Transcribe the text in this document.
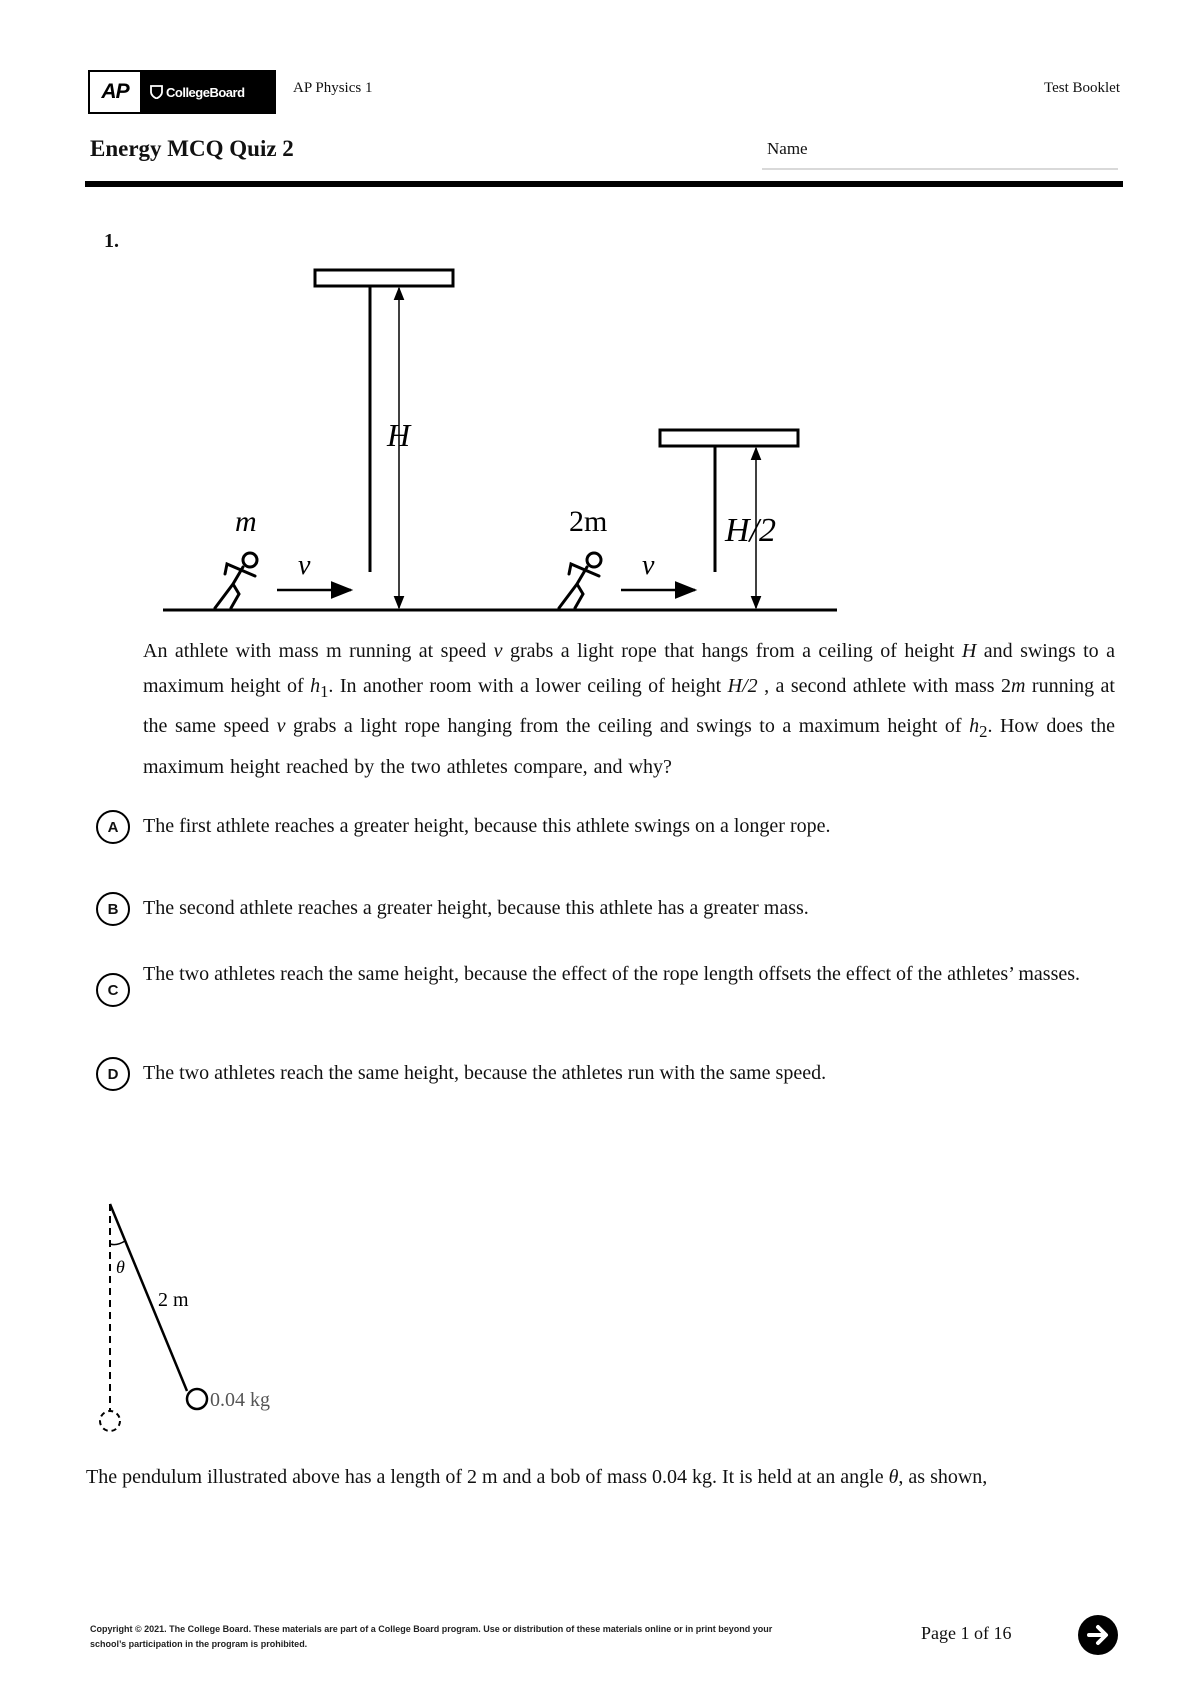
AP	CollegeBoard	AP Physics 1	Test Booklet
Energy MCQ Quiz 2	Name
1.
H
H/2
m
v
2m
v
An athlete with mass m running at speed v grabs a light rope that hangs from a ceiling of height H and swings to a maximum height of $h_1$. In another room with a lower ceiling of height H/2 , a second athlete with mass 2m running at the same speed v grabs a light rope hanging from the ceiling and swings to a maximum height of $h_2$. How does the maximum height reached by the two athletes compare, and why?
A	The first athlete reaches a greater height, because this athlete swings on a longer rope.
B	The second athlete reaches a greater height, because this athlete has a greater mass.
C
The two athletes reach the same height, because the effect of the rope length offsets the effect of the athletes’ masses.
D	The two athletes reach the same height, because the athletes run with the same speed.
θ
2 m
0.04 kg
The pendulum illustrated above has a length of 2 m and a bob of mass 0.04 kg. It is held at an angle θ, as shown,
Copyright © 2021. The College Board. These materials are part of a College Board program. Use or distribution of these materials online or in print beyond your
school’s participation in the program is prohibited.
Page 1 of 16
